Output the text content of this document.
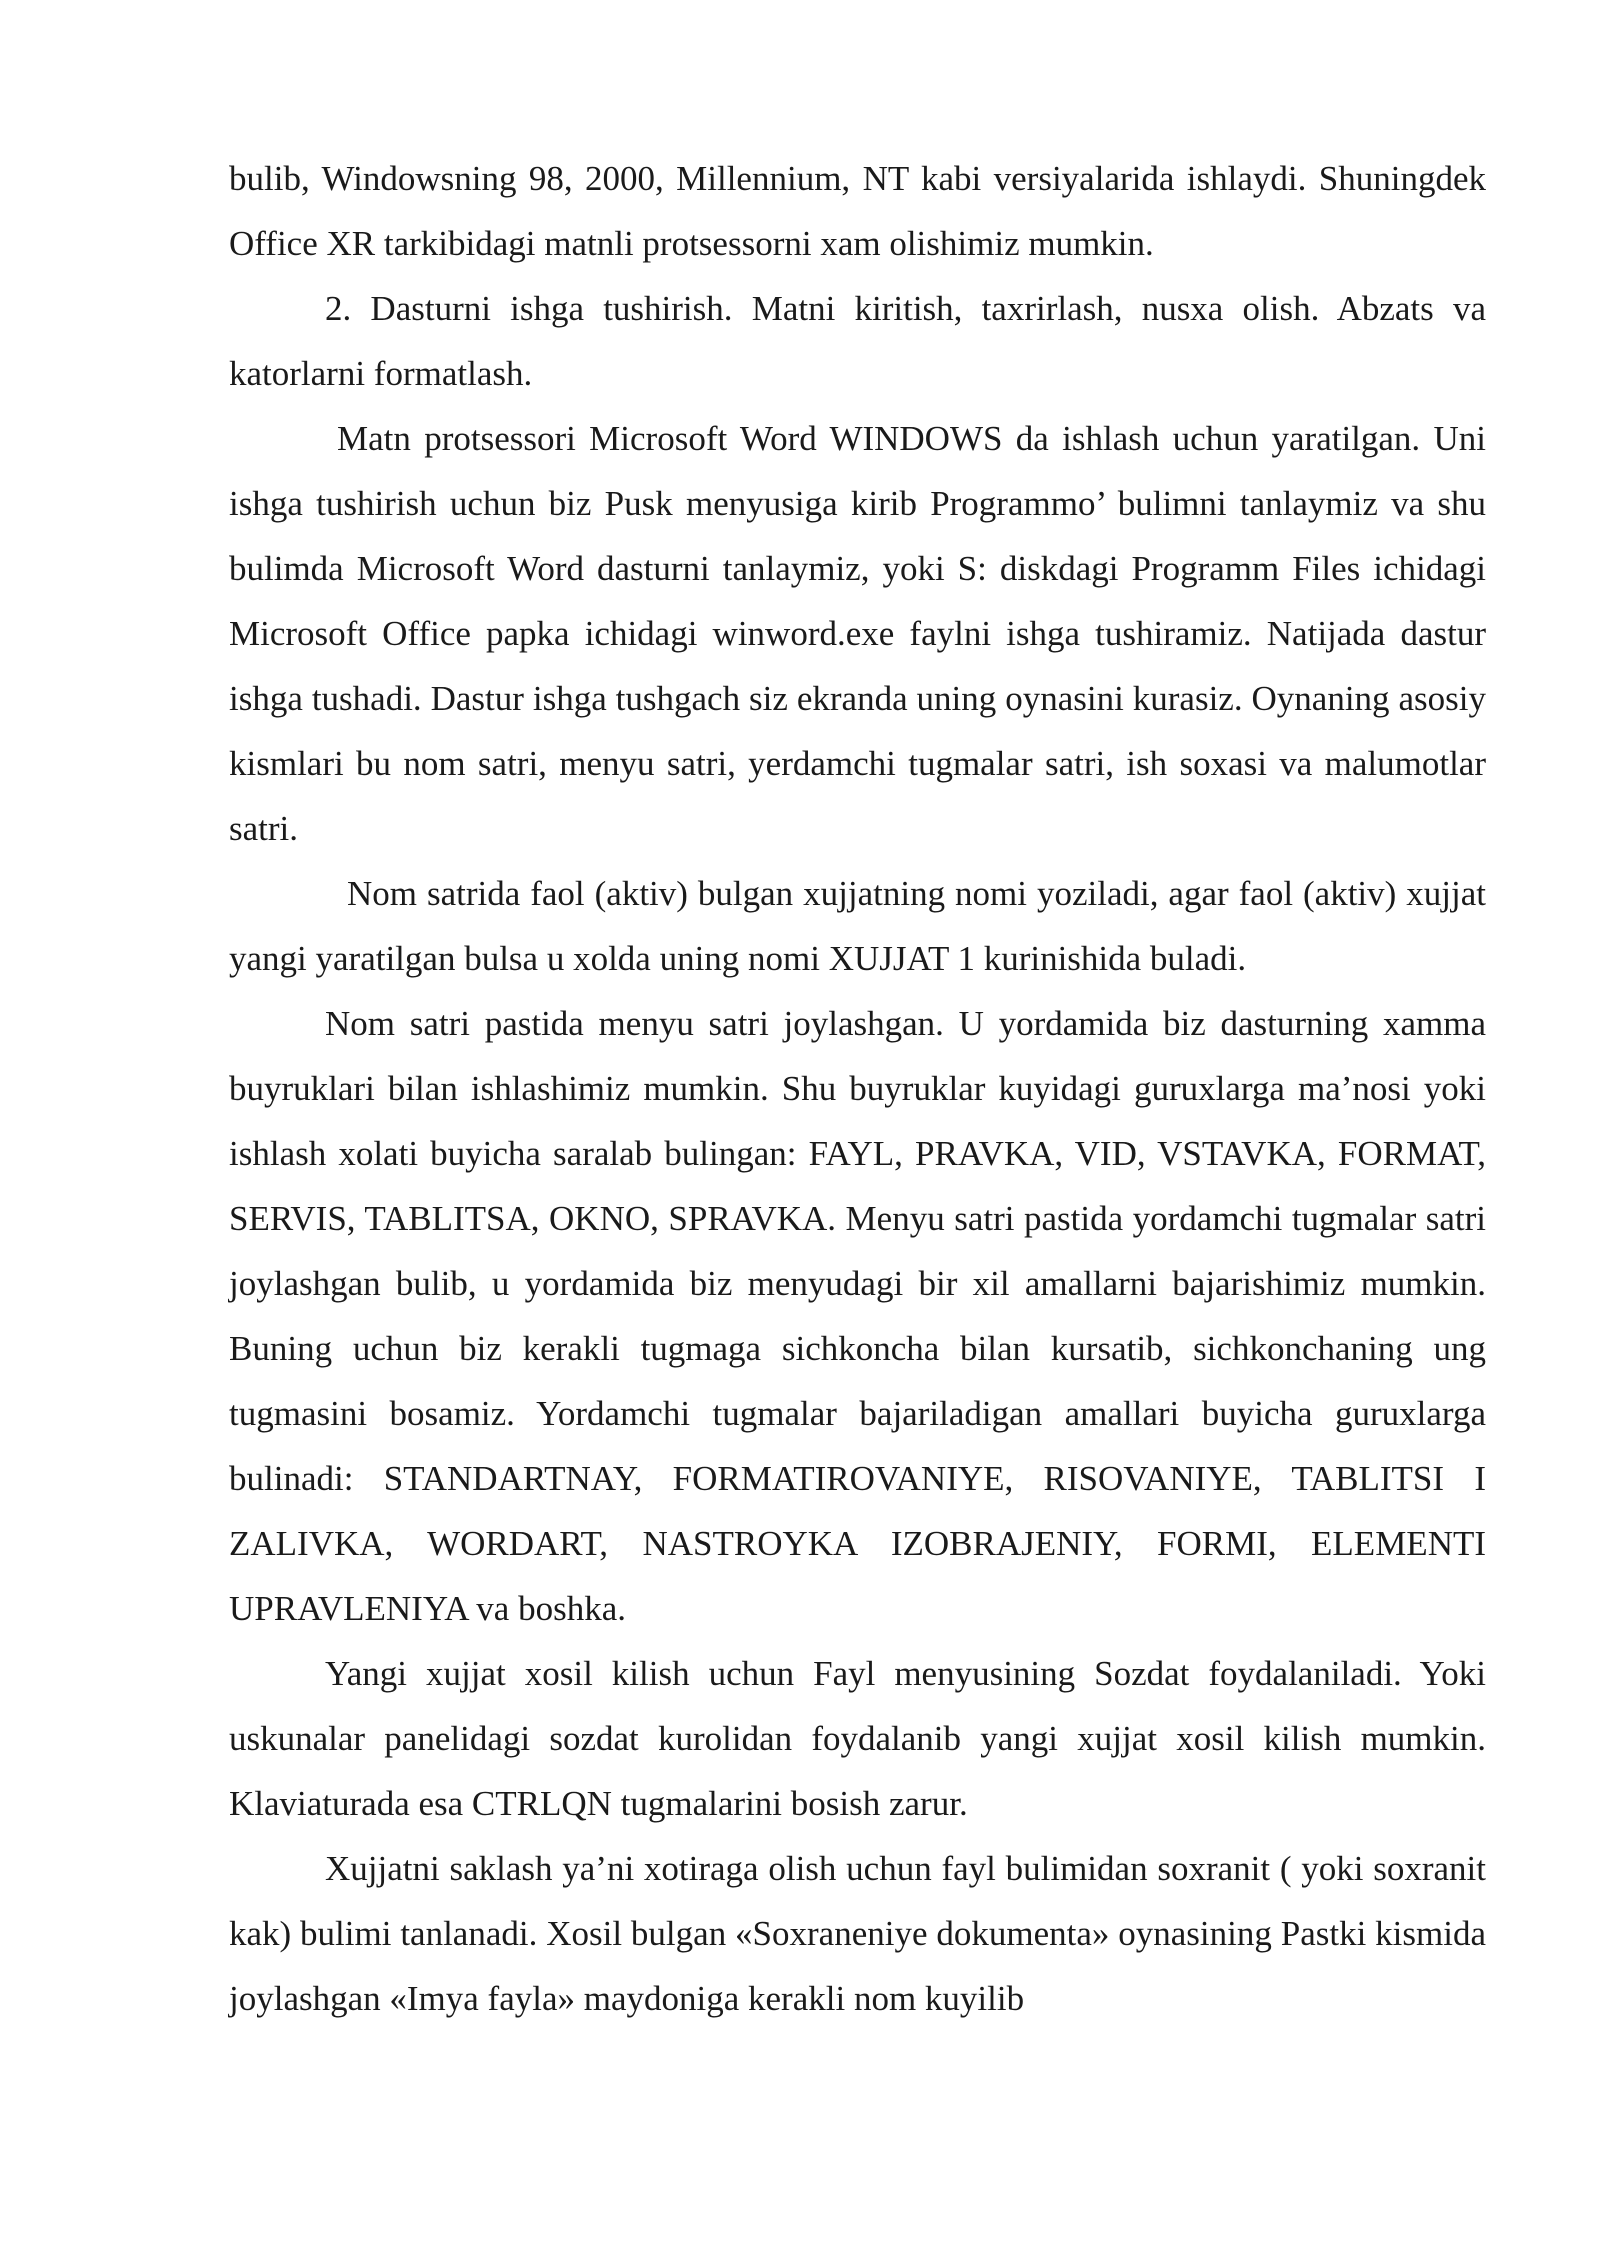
bulib, Windowsning 98, 2000, Millennium, NT kabi versiyalarida ishlaydi. Shuningdek Office XR tarkibidagi matnli protsessorni xam olishimiz mumkin.

2. Dasturni ishga tushirish. Matni kiritish, taxrirlash, nusxa olish. Abzats va katorlarni formatlash.

Matn protsessori Microsoft Word WINDOWS da ishlash uchun yaratilgan. Uni ishga tushirish uchun biz Pusk menyusiga kirib Programmo’ bulimni tanlaymiz va shu bulimda Microsoft Word dasturni tanlaymiz, yoki S: diskdagi Programm Files ichidagi Microsoft Office papka ichidagi winword.exe faylni ishga tushiramiz. Natijada dastur ishga tushadi. Dastur ishga tushgach siz ekranda uning oynasini kurasiz. Oynaning asosiy kismlari bu nom satri, menyu satri, yerdamchi tugmalar satri, ish soxasi va malumotlar satri.

Nom satrida faol (aktiv) bulgan xujjatning nomi yoziladi, agar faol (aktiv) xujjat yangi yaratilgan bulsa u xolda uning nomi XUJJAT 1 kurinishida buladi.

Nom satri pastida menyu satri joylashgan. U yordamida biz dasturning xamma buyruklari bilan ishlashimiz mumkin. Shu buyruklar kuyidagi guruxlarga ma’nosi yoki ishlash xolati buyicha saralab bulingan: FAYL, PRAVKA, VID, VSTAVKA, FORMAT, SERVIS, TABLITSA, OKNO, SPRAVKA. Menyu satri pastida yordamchi tugmalar satri joylashgan bulib, u yordamida biz menyudagi bir xil amallarni bajarishimiz mumkin. Buning uchun biz kerakli tugmaga sichkoncha bilan kursatib, sichkonchaning ung tugmasini bosamiz. Yordamchi tugmalar bajariladigan amallari buyicha guruxlarga bulinadi: STANDARTNAY, FORMATIROVANIYE, RISOVANIYE, TABLITSI I ZALIVKA, WORDART, NASTROYKA IZOBRAJENIY, FORMI, ELEMENTI UPRAVLENIYA va boshka.

Yangi xujjat xosil kilish uchun Fayl menyusining Sozdat foydalaniladi. Yoki uskunalar panelidagi sozdat kurolidan foydalanib yangi xujjat xosil kilish mumkin. Klaviaturada esa CTRLQN tugmalarini bosish zarur.

Xujjatni saklash ya’ni xotiraga olish uchun fayl bulimidan soxranit ( yoki soxranit kak) bulimi tanlanadi. Xosil bulgan «Soxraneniye dokumenta» oynasining Pastki kismida joylashgan «Imya fayla» maydoniga kerakli nom kuyilib
